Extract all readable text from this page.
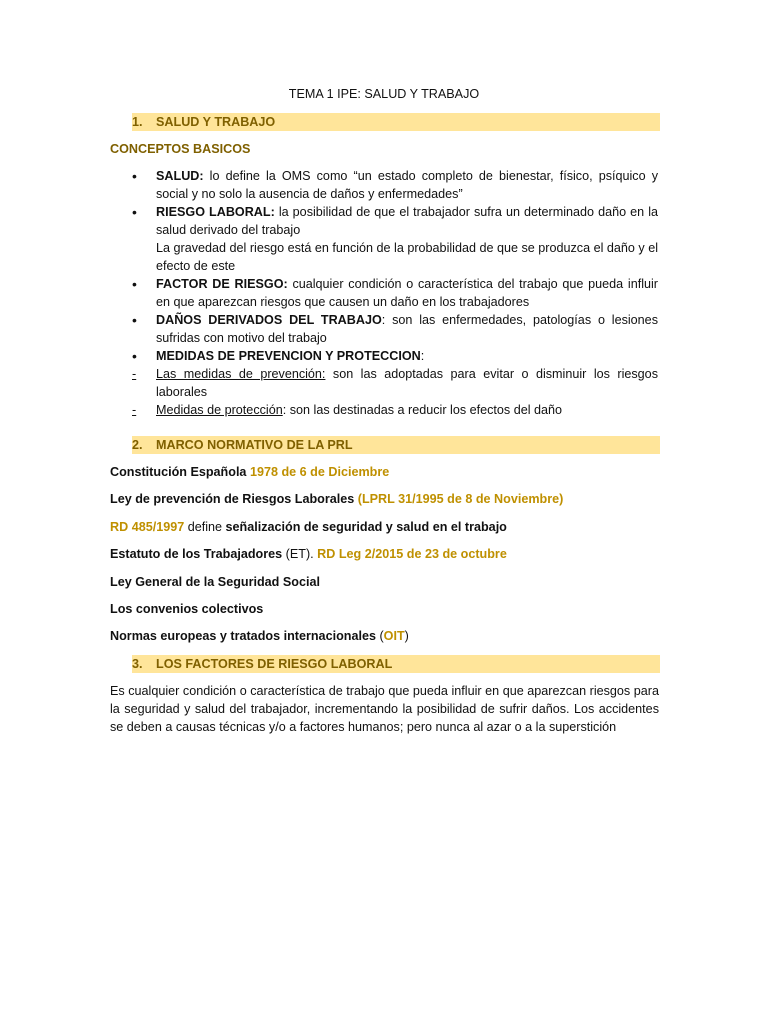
TEMA 1 IPE: SALUD Y TRABAJO
1. SALUD Y TRABAJO
CONCEPTOS BASICOS
• SALUD: lo define la OMS como “un estado completo de bienestar, físico, psíquico y social y no solo la ausencia de daños y enfermedades”
• RIESGO LABORAL: la posibilidad de que el trabajador sufra un determinado daño en la salud derivado del trabajo
La gravedad del riesgo está en función de la probabilidad de que se produzca el daño y el efecto de este
• FACTOR DE RIESGO: cualquier condición o característica del trabajo que pueda influir en que aparezcan riesgos que causen un daño en los trabajadores
• DAÑOS DERIVADOS DEL TRABAJO: son las enfermedades, patologías o lesiones sufridas con motivo del trabajo
• MEDIDAS DE PREVENCION Y PROTECCION:
- Las medidas de prevención: son las adoptadas para evitar o disminuir los riesgos laborales
- Medidas de protección: son las destinadas a reducir los efectos del daño
2. MARCO NORMATIVO DE LA PRL
Constitución Española 1978 de 6 de Diciembre
Ley de prevención de Riesgos Laborales (LPRL 31/1995 de 8 de Noviembre)
RD 485/1997 define señalización de seguridad y salud en el trabajo
Estatuto de los Trabajadores (ET). RD Leg 2/2015 de 23 de octubre
Ley General de la Seguridad Social
Los convenios colectivos
Normas europeas y tratados internacionales (OIT)
3. LOS FACTORES DE RIESGO LABORAL
Es cualquier condición o característica de trabajo que pueda influir en que aparezcan riesgos para la seguridad y salud del trabajador, incrementando la posibilidad de sufrir daños. Los accidentes se deben a causas técnicas y/o a factores humanos; pero nunca al azar o a la superstición
